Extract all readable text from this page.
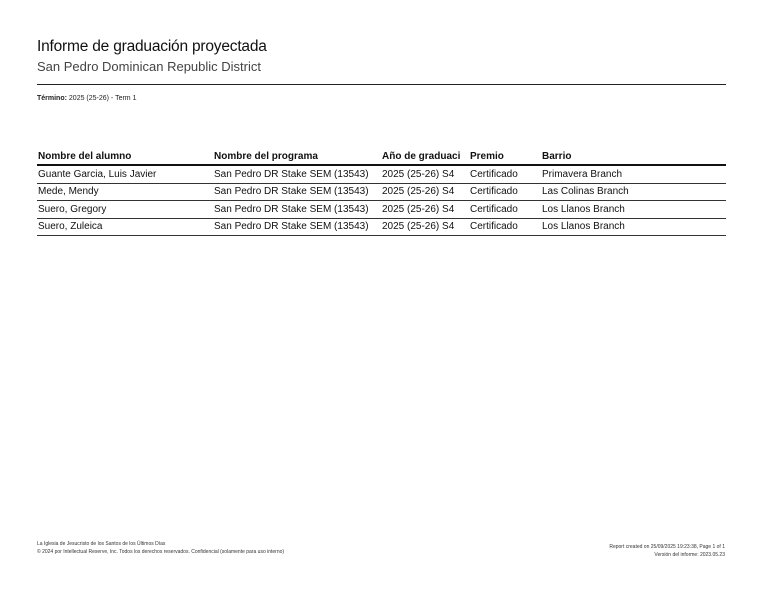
Informe de graduación proyectada
San Pedro Dominican Republic District
Término: 2025 (25-26) - Term 1
Nombre del alumno	Nombre del programa	Año de graduaci	Premio	Barrio
Guante Garcia, Luis Javier	San Pedro DR Stake SEM (13543)	2025 (25-26) S4	Certificado	Primavera Branch
Mede, Mendy	San Pedro DR Stake SEM (13543)	2025 (25-26) S4	Certificado	Las Colinas Branch
Suero, Gregory	San Pedro DR Stake SEM (13543)	2025 (25-26) S4	Certificado	Los Llanos Branch
Suero, Zuleica	San Pedro DR Stake SEM (13543)	2025 (25-26) S4	Certificado	Los Llanos Branch
La Iglesia de Jesucristo de los Santos de los Últimos Días
© 2024 por Intellectual Reserve, Inc. Todos los derechos reservados. Confidencial (solamente para uso interno)
Report created on 25/09/2025 19:23:38, Page 1 of 1
Versión del informe: 2023.05.23
